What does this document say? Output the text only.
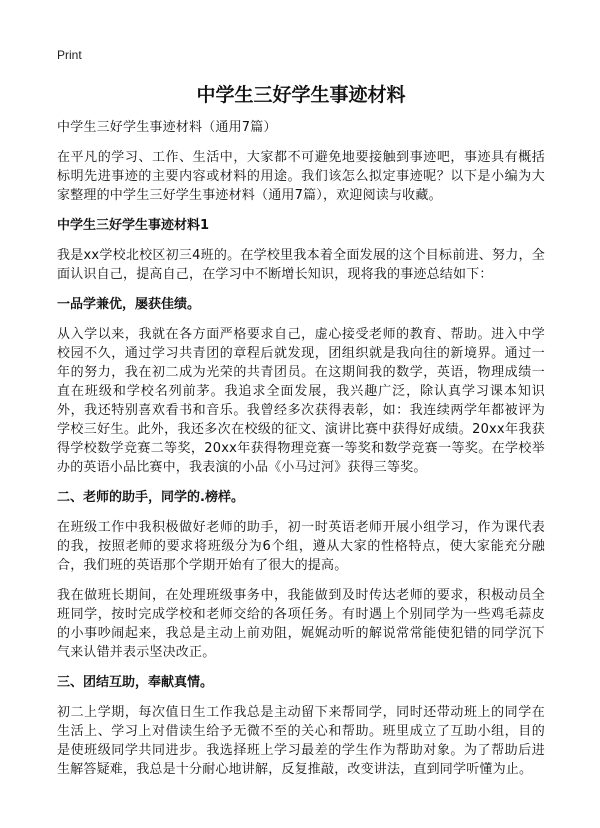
Print
中学生三好学生事迹材料

中学生三好学生事迹材料（通用7篇）

在平凡的学习、工作、生活中，大家都不可避免地要接触到事迹吧，事迹具有概括标明先进事迹的主要内容或材料的用途。我们该怎么拟定事迹呢？以下是小编为大家整理的中学生三好学生事迹材料（通用7篇），欢迎阅读与收藏。

中学生三好学生事迹材料1

我是xx学校北校区初三4班的。在学校里我本着全面发展的这个目标前进、努力，全面认识自己，提高自己，在学习中不断增长知识，现将我的事迹总结如下：

一品学兼优，屡获佳绩。

从入学以来，我就在各方面严格要求自己，虚心接受老师的教育、帮助。进入中学校园不久，通过学习共青团的章程后就发现，团组织就是我向往的新境界。通过一年的努力，我在初二成为光荣的共青团员。在这期间我的数学，英语，物理成绩一直在班级和学校名列前茅。我追求全面发展，我兴趣广泛，除认真学习课本知识外，我还特别喜欢看书和音乐。我曾经多次获得表彰，如：我连续两学年都被评为学校三好生。此外，我还多次在校级的征文、演讲比赛中获得好成绩。20xx年我获得学校数学竞赛二等奖，20xx年获得物理竞赛一等奖和数学竞赛一等奖。在学校举办的英语小品比赛中，我表演的小品《小马过河》获得三等奖。

二、老师的助手，同学的.榜样。

在班级工作中我积极做好老师的助手，初一时英语老师开展小组学习，作为课代表的我，按照老师的要求将班级分为6个组，遵从大家的性格特点，使大家能充分融合，我们班的英语那个学期开始有了很大的提高。

我在做班长期间，在处理班级事务中，我能做到及时传达老师的要求，积极动员全班同学，按时完成学校和老师交给的各项任务。有时遇上个别同学为一些鸡毛蒜皮的小事吵闹起来，我总是主动上前劝阻，娓娓动听的解说常常能使犯错的同学沉下气来认错并表示坚决改正。

三、团结互助，奉献真情。

初二上学期，每次值日生工作我总是主动留下来帮同学，同时还带动班上的同学在生活上、学习上对借读生给予无微不至的关心和帮助。班里成立了互助小组，目的是使班级同学共同进步。我选择班上学习最差的学生作为帮助对象。为了帮助后进生解答疑难，我总是十分耐心地讲解，反复推敲，改变讲法，直到同学听懂为止。
